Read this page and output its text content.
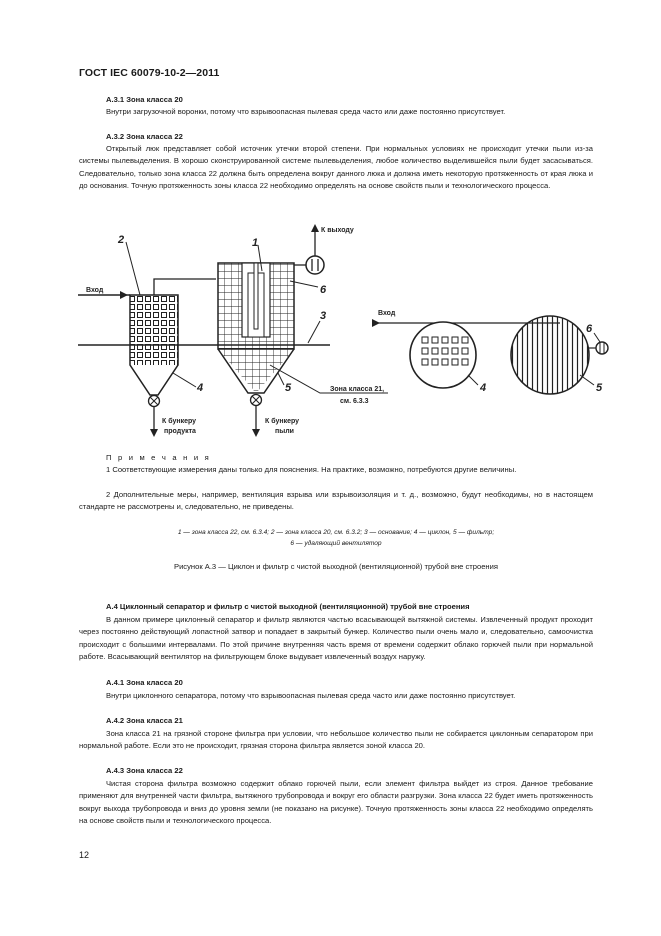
ГОСТ IEC 60079-10-2—2011
А.3.1 Зона класса 20
Внутри загрузочной воронки, потому что взрывоопасная пылевая среда часто или даже постоянно присутствует.
А.3.2 Зона класса 22
Открытый люк представляет собой источник утечки второй степени. При нормальных условиях не происходит утечки пыли из-за системы пылевыделения. В хорошо сконструированной системе пылевыделения, любое количество выделившейся пыли будет засасываться. Следовательно, только зона класса 22 должна быть определена вокруг данного люка и должна иметь некоторую протяженность от края люка и до основания. Точную протяженность зоны класса 22 необходимо определять на основе свойств пыли и технологического процесса.
2	1
6
3
4	5	4	5
6
К выходу
Вход
Вход
К бункеру
продукта
К бункеру
пыли
Зона класса 21,
см. 6.3.3
П р и м е ч а н и я
1 Соответствующие измерения даны только для пояснения. На практике, возможно, потребуются другие величины.
2 Дополнительные меры, например, вентиляция взрыва или взрывоизоляция и т. д., возможно, будут необходимы, но в настоящем стандарте не рассмотрены и, следовательно, не приведены.
1 — зона класса 22, см. 6.3.4; 2 — зона класса 20, см. 6.3.2; 3 — основание; 4 — циклон, 5 — фильтр;
6 — удаляющий вентилятор
Рисунок А.3 — Циклон и фильтр с чистой выходной (вентиляционной) трубой вне строения
А.4 Циклонный сепаратор и фильтр с чистой выходной (вентиляционной) трубой вне строения
В данном примере циклонный сепаратор и фильтр являются частью всасывающей вытяжной системы. Извлеченный продукт проходит через постоянно действующий лопастной затвор и попадает в закрытый бункер. Количество пыли очень мало и, следовательно, самоочистка происходит с большими интервалами. По этой причине внутренняя часть время от времени содержит облако горючей пыли при нормальной работе. Всасывающий вентилятор на фильтрующем блоке выдувает извлеченный воздух наружу.
А.4.1 Зона класса 20
Внутри циклонного сепаратора, потому что взрывоопасная пылевая среда часто или даже постоянно присутствует.
А.4.2 Зона класса 21
Зона класса 21 на грязной стороне фильтра при условии, что небольшое количество пыли не собирается циклонным сепаратором при нормальной работе. Если это не происходит, грязная сторона фильтра является зоной класса 20.
А.4.3 Зона класса 22
Чистая сторона фильтра возможно содержит облако горючей пыли, если элемент фильтра выйдет из строя. Данное требование применяют для внутренней части фильтра, вытяжного трубопровода и вокруг его области разгрузки. Зона класса 22 будет иметь протяженность вокруг выхода трубопровода и вниз до уровня земли (не показано на рисунке). Точную протяженность зоны класса 22 необходимо определять на основе свойств пыли и технологического процесса.
12
